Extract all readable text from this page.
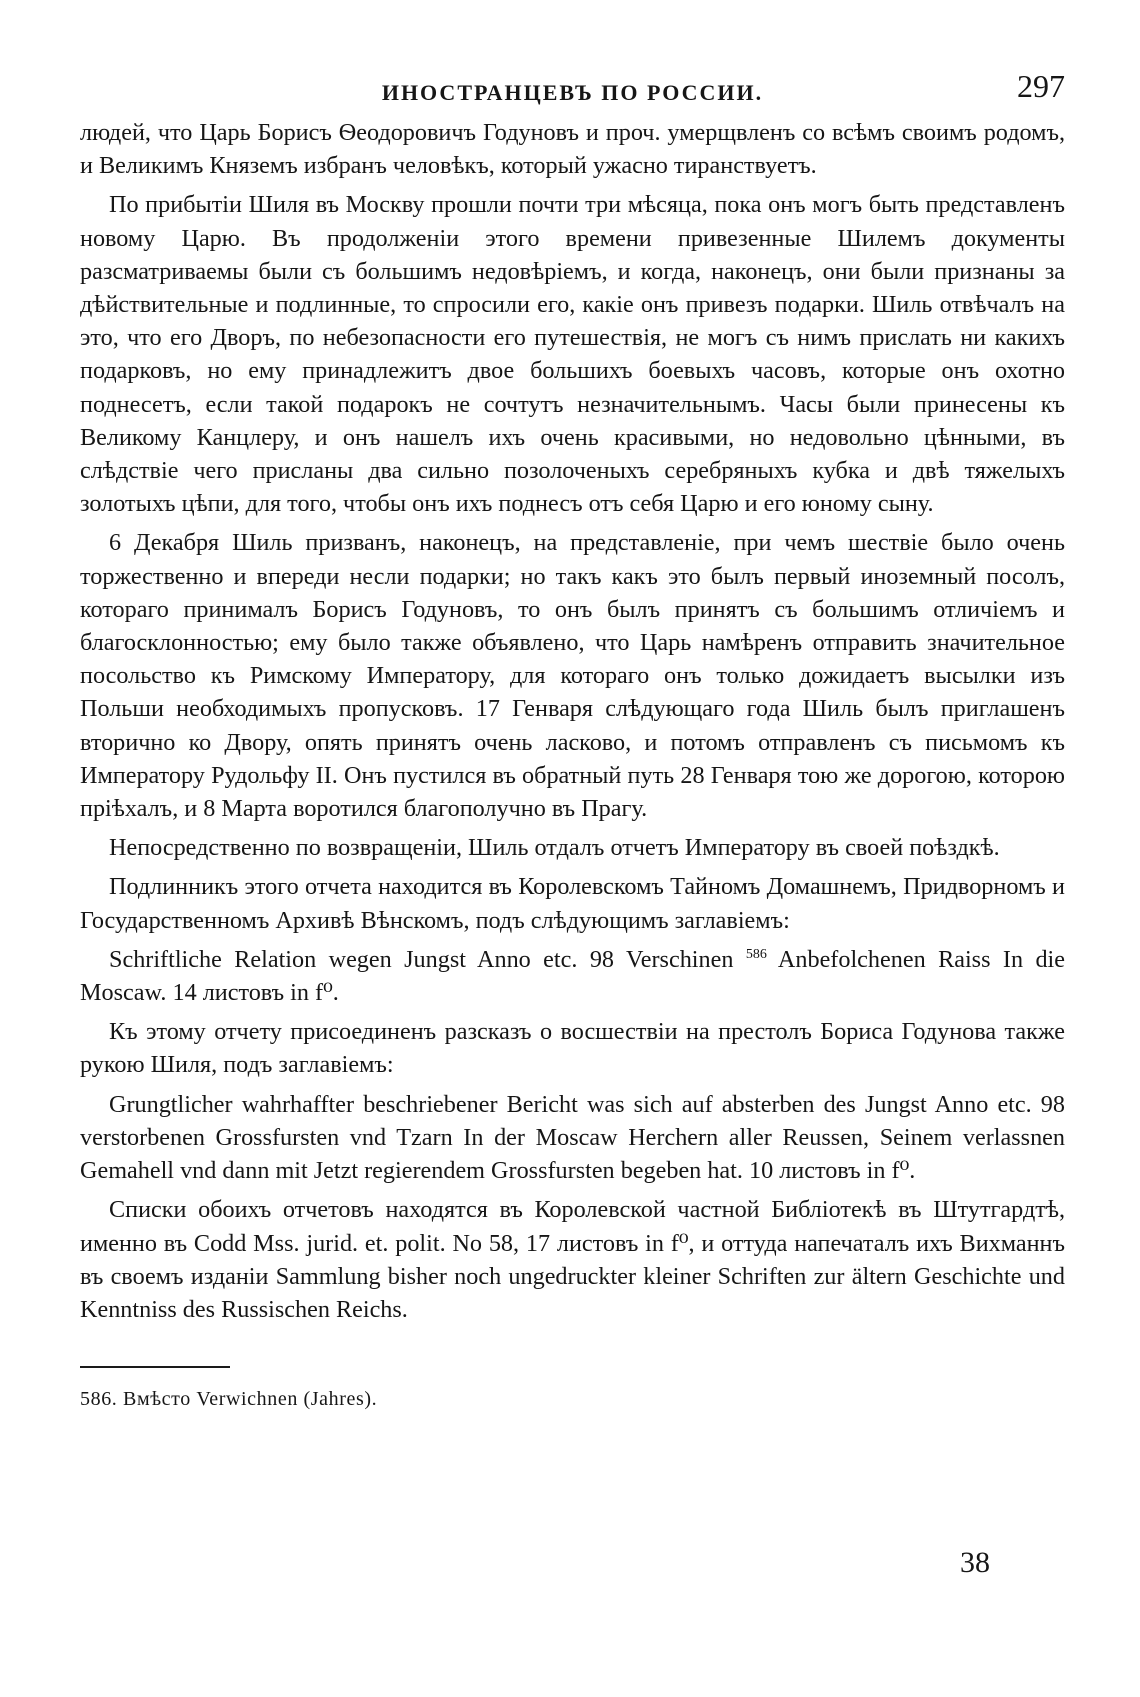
ИНОСТРАНЦЕВЪ ПО РОССИИ.	297

людей, что Царь Борисъ Ѳеодоровичъ Годуновъ и проч. умерщвленъ со всѣмъ своимъ родомъ, и Великимъ Княземъ избранъ человѣкъ, который ужасно тиранствуетъ.

По прибытіи Шиля въ Москву прошли почти три мѣсяца, пока онъ могъ быть представленъ новому Царю. Въ продолженіи этого времени привезенные Шилемъ документы разсматриваемы были съ большимъ недовѣріемъ, и когда, наконецъ, они были признаны за дѣйствительные и подлинные, то спросили его, какіе онъ привезъ подарки. Шиль отвѣчалъ на это, что его Дворъ, по небезопасности его путешествія, не могъ съ нимъ прислать ни какихъ подарковъ, но ему принадлежитъ двое большихъ боевыхъ часовъ, которые онъ охотно поднесетъ, если такой подарокъ не сочтутъ незначительнымъ. Часы были принесены къ Великому Канцлеру, и онъ нашелъ ихъ очень красивыми, но недовольно цѣнными, въ слѣдствіе чего присланы два сильно позолоченыхъ серебряныхъ кубка и двѣ тяжелыхъ золотыхъ цѣпи, для того, чтобы онъ ихъ поднесъ отъ себя Царю и его юному сыну.

6 Декабря Шиль призванъ, наконецъ, на представленіе, при чемъ шествіе было очень торжественно и впереди несли подарки; но такъ какъ это былъ первый иноземный посолъ, котораго принималъ Борисъ Годуновъ, то онъ былъ принятъ съ большимъ отличіемъ и благосклонностью; ему было также объявлено, что Царь намѣренъ отправить значительное посольство къ Римскому Императору, для котораго онъ только дожидаетъ высылки изъ Польши необходимыхъ пропусковъ. 17 Генваря слѣдующаго года Шиль былъ приглашенъ вторично ко Двору, опять принятъ очень ласково, и потомъ отправленъ съ письмомъ къ Императору Рудольфу II. Онъ пустился въ обратный путь 28 Генваря тою же дорогою, которою пріѣхалъ, и 8 Марта воротился благополучно въ Прагу.

Непосредственно по возвращеніи, Шиль отдалъ отчетъ Императору въ своей поѣздкѣ.

Подлинникъ этого отчета находится въ Королевскомъ Тайномъ Домашнемъ, Придворномъ и Государственномъ Архивѣ Вѣнскомъ, подъ слѣдующимъ заглавіемъ:

Schriftliche Relation wegen Jungst Anno etc. 98 Verschinen $^{586}$ Anbefolchenen Raiss In die Moscaw. 14 листовъ in f⁰.

Къ этому отчету присоединенъ разсказъ о восшествіи на престолъ Бориса Годунова также рукою Шиля, подъ заглавіемъ:

Grungtlicher wahrhaffter beschriebener Bericht was sich auf absterben des Jungst Anno etc. 98 verstorbenen Grossfursten vnd Tzarn In der Moscaw Herchern aller Reussen, Seinem verlassnen Gemahell vnd dann mit Jetzt regierendem Grossfursten begeben hat. 10 листовъ in f⁰.

Списки обоихъ отчетовъ находятся въ Королевской частной Библіотекѣ въ Штутгардтѣ, именно въ Codd Mss. jurid. et. polit. No 58, 17 листовъ in f⁰, и оттуда напечаталъ ихъ Вихманнъ въ своемъ изданіи Sammlung bisher noch ungedruckter kleiner Schriften zur ältern Geschichte und Kenntniss des Russischen Reichs.

586. Вмѣсто Verwichnen (Jahres).
38
